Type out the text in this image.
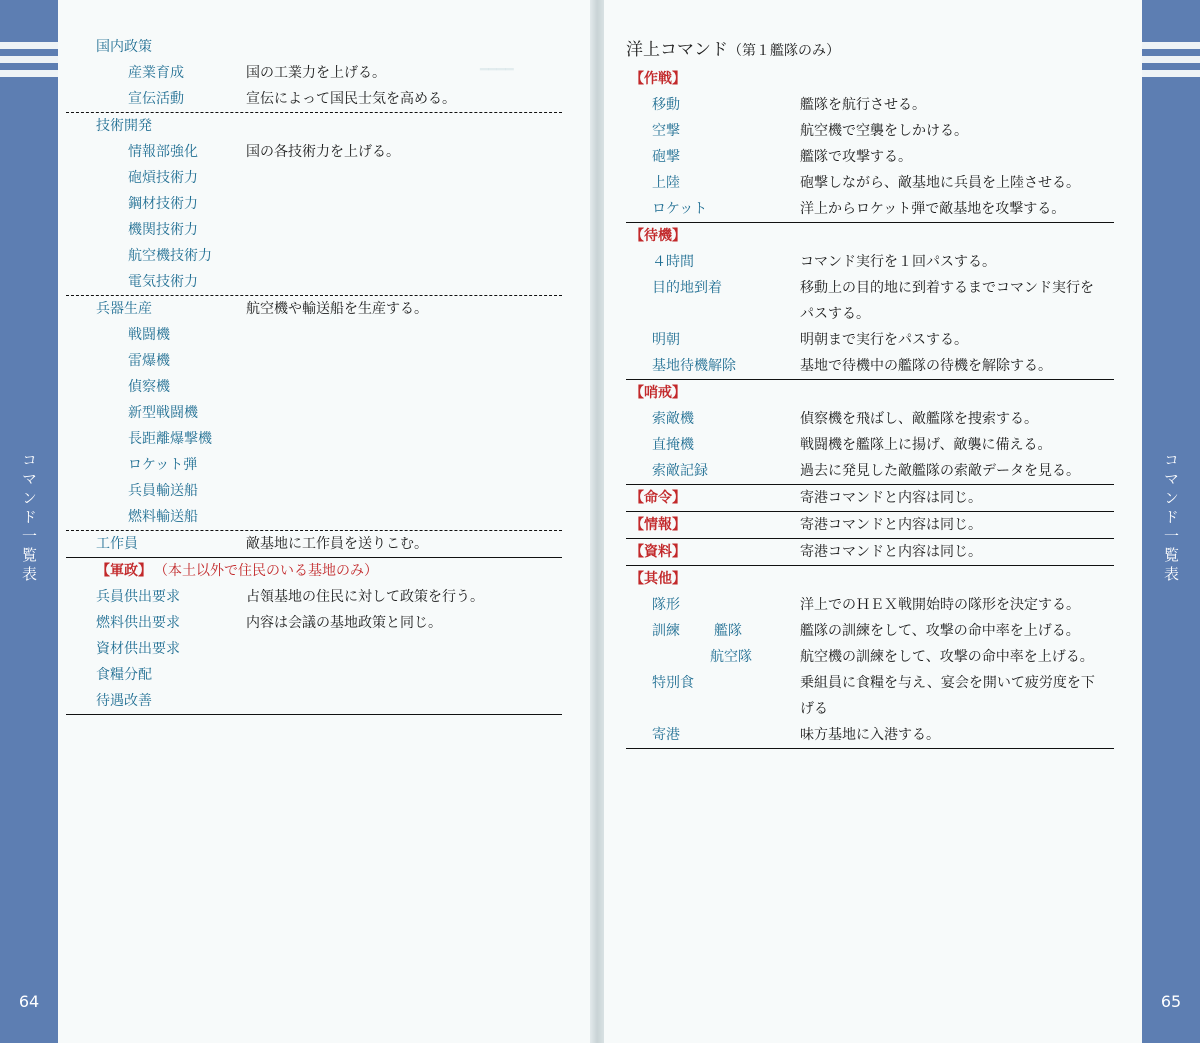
━━━━
コマンド一覧表
64
国内政策
産業育成	国の工業力を上げる。
宣伝活動	宣伝によって国民士気を高める。
技術開発
情報部強化	国の各技術力を上げる。
砲熕技術力
鋼材技術力
機関技術力
航空機技術力
電気技術力
兵器生産	航空機や輸送船を生産する。
戦闘機
雷爆機
偵察機
新型戦闘機
長距離爆撃機
ロケット弾
兵員輸送船
燃料輸送船
工作員	敵基地に工作員を送りこむ。
【軍政】 （本土以外で住民のいる基地のみ）
兵員供出要求	占領基地の住民に対して政策を行う。
燃料供出要求	内容は会議の基地政策と同じ。
資材供出要求
食糧分配
待遇改善
コマンド一覧表
65
洋上コマンド（第１艦隊のみ）
【作戦】
移動	艦隊を航行させる。
空撃	航空機で空襲をしかける。
砲撃	艦隊で攻撃する。
上陸	砲撃しながら、敵基地に兵員を上陸させる。
ロケット	洋上からロケット弾で敵基地を攻撃する。
【待機】
４時間	コマンド実行を１回パスする。
目的地到着	移動上の目的地に到着するまでコマンド実行を
パスする。
明朝	明朝まで実行をパスする。
基地待機解除	基地で待機中の艦隊の待機を解除する。
【哨戒】
索敵機	偵察機を飛ばし、敵艦隊を捜索する。
直掩機	戦闘機を艦隊上に揚げ、敵襲に備える。
索敵記録	過去に発見した敵艦隊の索敵データを見る。
【命令】	寄港コマンドと内容は同じ。
【情報】	寄港コマンドと内容は同じ。
【資料】	寄港コマンドと内容は同じ。
【其他】
隊形	洋上でのＨＥＸ戦開始時の隊形を決定する。
訓練 艦隊	艦隊の訓練をして、攻撃の命中率を上げる。
航空隊	航空機の訓練をして、攻撃の命中率を上げる。
特別食	乗組員に食糧を与え、宴会を開いて疲労度を下
げる
寄港	味方基地に入港する。
